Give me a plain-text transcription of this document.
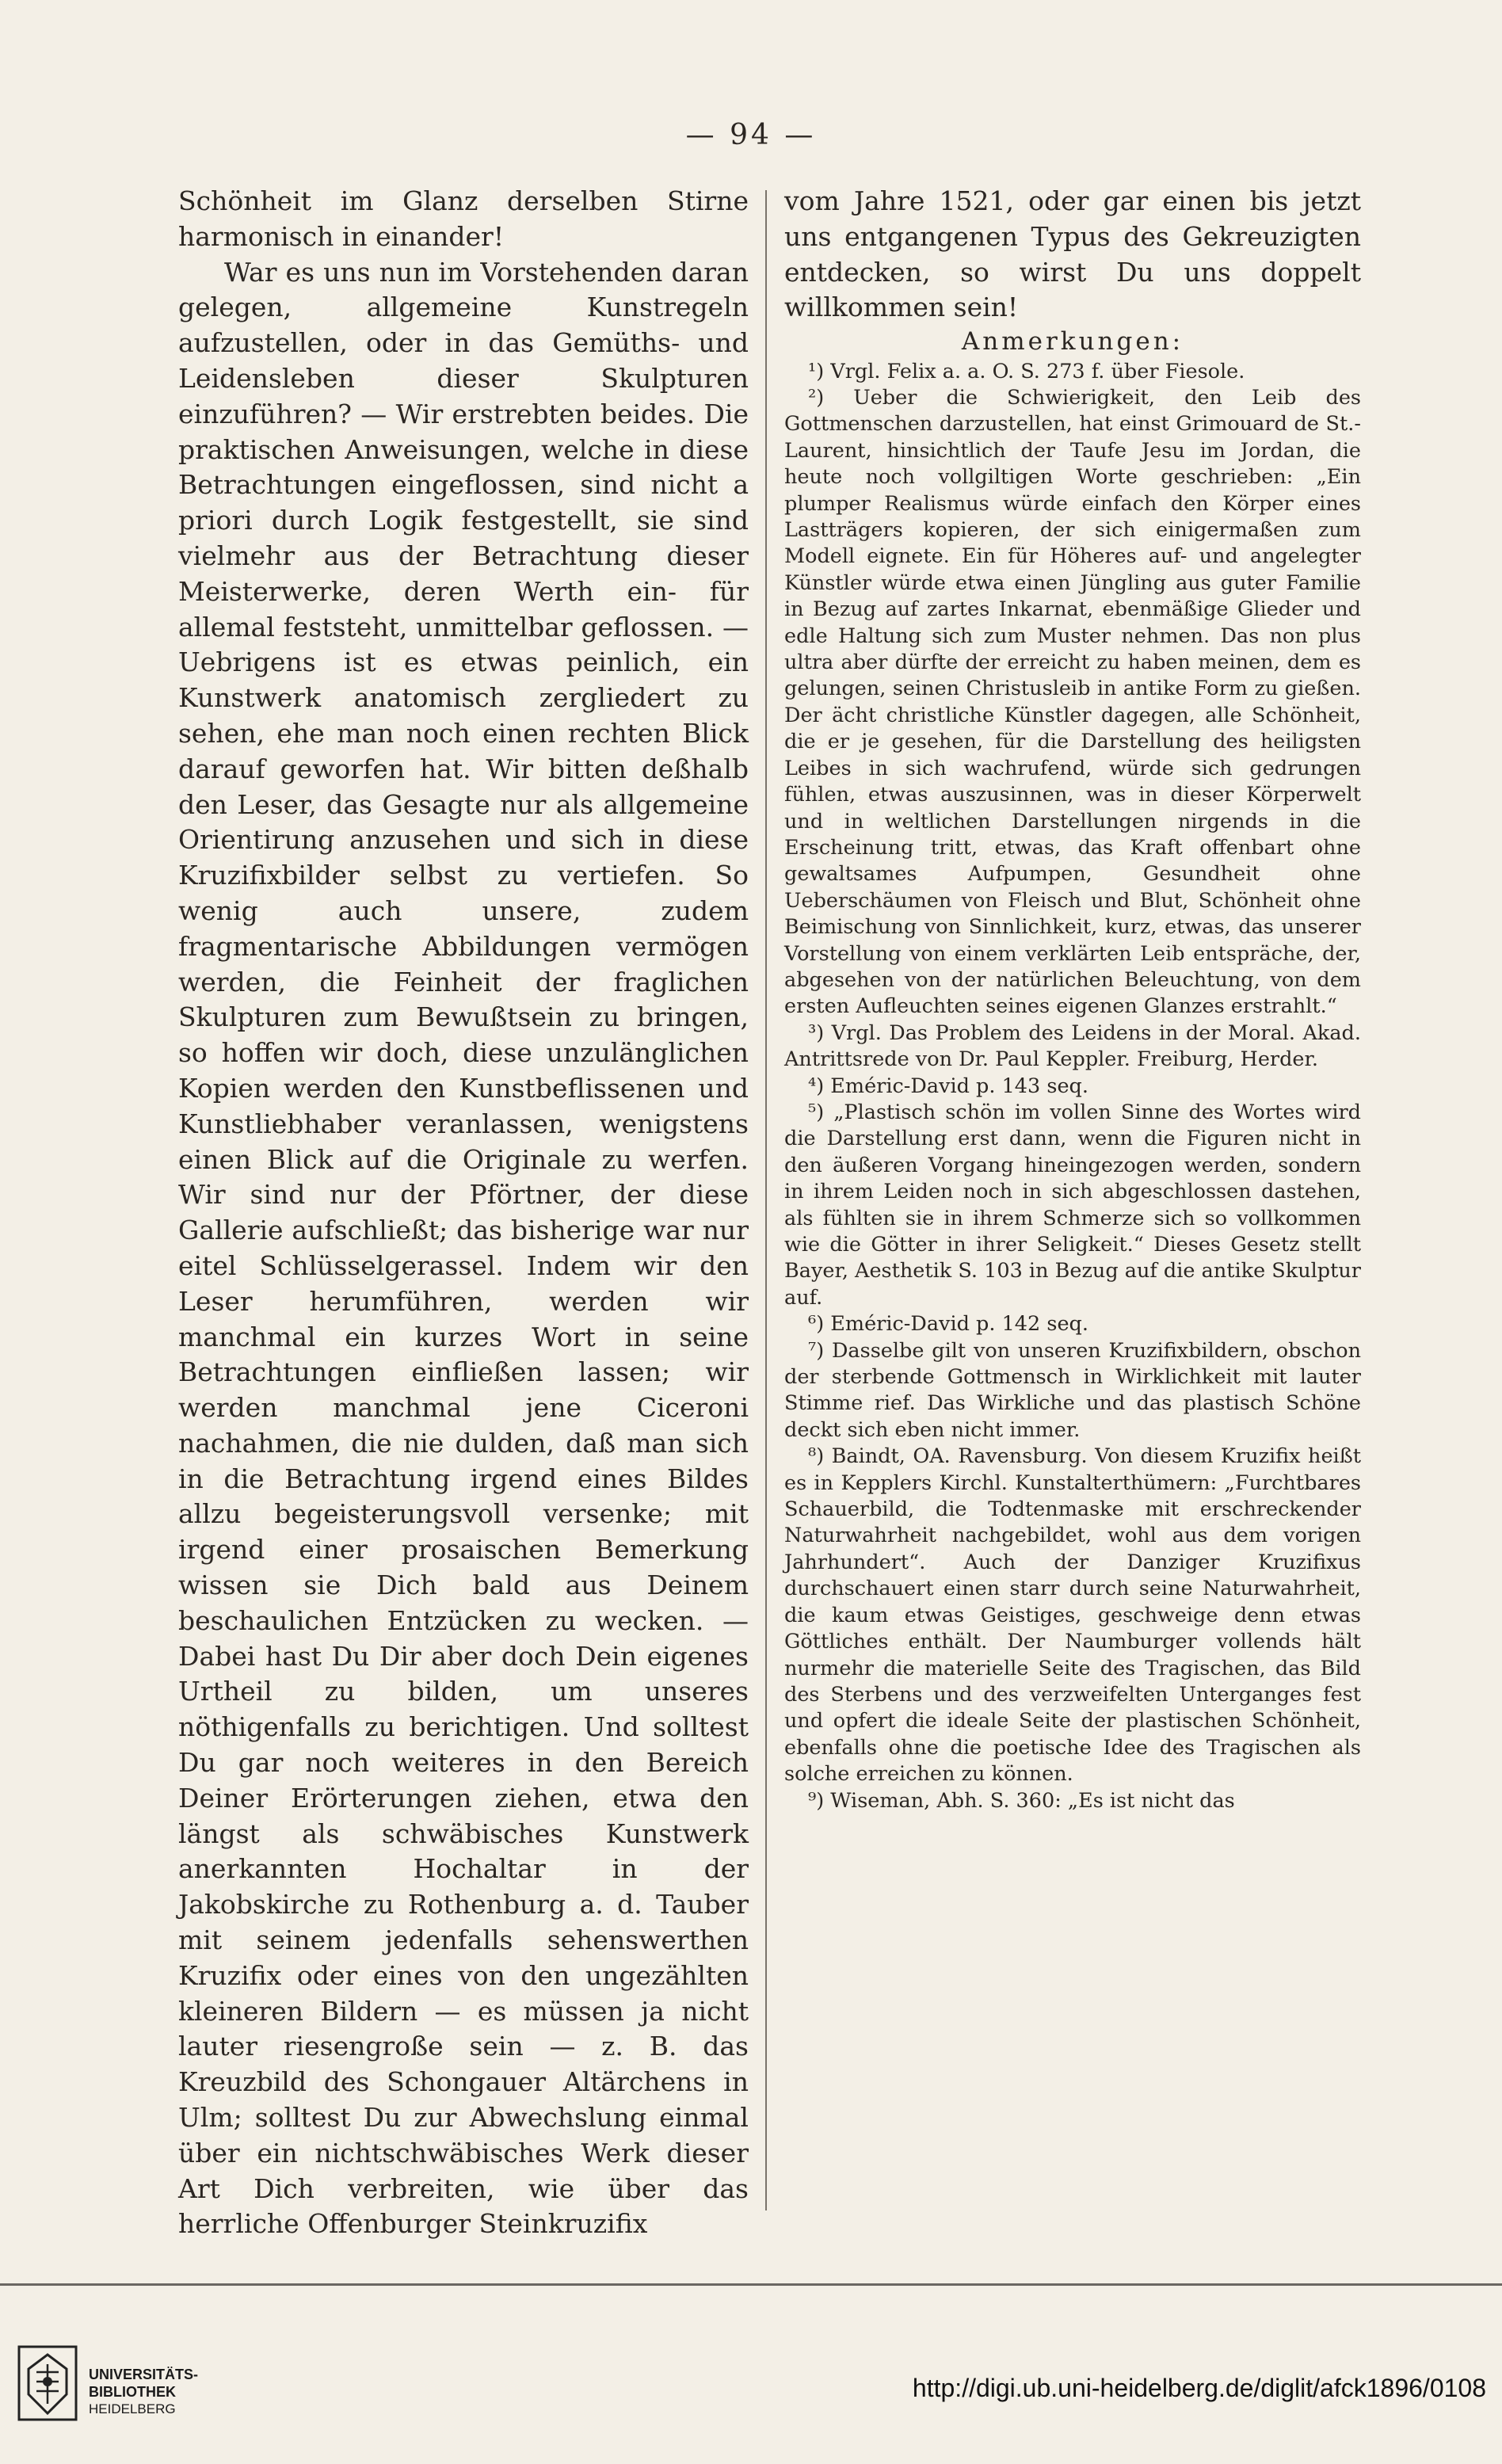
— 94 —

Schönheit im Glanz derselben Stirne harmonisch in einander!

War es uns nun im Vorstehenden daran gelegen, allgemeine Kunstregeln aufzustellen, oder in das Gemüths- und Leidensleben dieser Skulpturen einzuführen? — Wir erstrebten beides. Die praktischen Anweisungen, welche in diese Betrachtungen eingeflossen, sind nicht a priori durch Logik festgestellt, sie sind vielmehr aus der Betrachtung dieser Meisterwerke, deren Werth ein- für allemal feststeht, unmittelbar geflossen. — Uebrigens ist es etwas peinlich, ein Kunstwerk anatomisch zergliedert zu sehen, ehe man noch einen rechten Blick darauf geworfen hat. Wir bitten deßhalb den Leser, das Gesagte nur als allgemeine Orientirung anzusehen und sich in diese Kruzifixbilder selbst zu vertiefen. So wenig auch unsere, zudem fragmentarische Abbildungen vermögen werden, die Feinheit der fraglichen Skulpturen zum Bewußtsein zu bringen, so hoffen wir doch, diese unzulänglichen Kopien werden den Kunstbeflissenen und Kunstliebhaber veranlassen, wenigstens einen Blick auf die Originale zu werfen. Wir sind nur der Pförtner, der diese Gallerie aufschließt; das bisherige war nur eitel Schlüsselgerassel. Indem wir den Leser herumführen, werden wir manchmal ein kurzes Wort in seine Betrachtungen einfließen lassen; wir werden manchmal jene Ciceroni nachahmen, die nie dulden, daß man sich in die Betrachtung irgend eines Bildes allzu begeisterungsvoll versenke; mit irgend einer prosaischen Bemerkung wissen sie Dich bald aus Deinem beschaulichen Entzücken zu wecken. — Dabei hast Du Dir aber doch Dein eigenes Urtheil zu bilden, um unseres nöthigenfalls zu berichtigen. Und solltest Du gar noch weiteres in den Bereich Deiner Erörterungen ziehen, etwa den längst als schwäbisches Kunstwerk anerkannten Hochaltar in der Jakobskirche zu Rothenburg a. d. Tauber mit seinem jedenfalls sehenswerthen Kruzifix oder eines von den ungezählten kleineren Bildern — es müssen ja nicht lauter riesengroße sein — z. B. das Kreuzbild des Schongauer Altärchens in Ulm; solltest Du zur Abwechslung einmal über ein nichtschwäbisches Werk dieser Art Dich verbreiten, wie über das herrliche Offenburger Steinkruzifix

vom Jahre 1521, oder gar einen bis jetzt uns entgangenen Typus des Gekreuzigten entdecken, so wirst Du uns doppelt willkommen sein!

Anmerkungen:

¹) Vrgl. Felix a. a. O. S. 273 f. über Fiesole.

²) Ueber die Schwierigkeit, den Leib des Gottmenschen darzustellen, hat einst Grimouard de St.-Laurent, hinsichtlich der Taufe Jesu im Jordan, die heute noch vollgiltigen Worte geschrieben: „Ein plumper Realismus würde einfach den Körper eines Lastträgers kopieren, der sich einigermaßen zum Modell eignete. Ein für Höheres auf- und angelegter Künstler würde etwa einen Jüngling aus guter Familie in Bezug auf zartes Inkarnat, ebenmäßige Glieder und edle Haltung sich zum Muster nehmen. Das non plus ultra aber dürfte der erreicht zu haben meinen, dem es gelungen, seinen Christusleib in antike Form zu gießen. Der ächt christliche Künstler dagegen, alle Schönheit, die er je gesehen, für die Darstellung des heiligsten Leibes in sich wachrufend, würde sich gedrungen fühlen, etwas auszusinnen, was in dieser Körperwelt und in weltlichen Darstellungen nirgends in die Erscheinung tritt, etwas, das Kraft offenbart ohne gewaltsames Aufpumpen, Gesundheit ohne Ueberschäumen von Fleisch und Blut, Schönheit ohne Beimischung von Sinnlichkeit, kurz, etwas, das unserer Vorstellung von einem verklärten Leib entspräche, der, abgesehen von der natürlichen Beleuchtung, von dem ersten Aufleuchten seines eigenen Glanzes erstrahlt.“

³) Vrgl. Das Problem des Leidens in der Moral. Akad. Antrittsrede von Dr. Paul Keppler. Freiburg, Herder.

⁴) Eméric-David p. 143 seq.

⁵) „Plastisch schön im vollen Sinne des Wortes wird die Darstellung erst dann, wenn die Figuren nicht in den äußeren Vorgang hineingezogen werden, sondern in ihrem Leiden noch in sich abgeschlossen dastehen, als fühlten sie in ihrem Schmerze sich so vollkommen wie die Götter in ihrer Seligkeit.“ Dieses Gesetz stellt Bayer, Aesthetik S. 103 in Bezug auf die antike Skulptur auf.

⁶) Eméric-David p. 142 seq.

⁷) Dasselbe gilt von unseren Kruzifixbildern, obschon der sterbende Gottmensch in Wirklichkeit mit lauter Stimme rief. Das Wirkliche und das plastisch Schöne deckt sich eben nicht immer.

⁸) Baindt, OA. Ravensburg. Von diesem Kruzifix heißt es in Kepplers Kirchl. Kunstalterthümern: „Furchtbares Schauerbild, die Todtenmaske mit erschreckender Naturwahrheit nachgebildet, wohl aus dem vorigen Jahrhundert“. Auch der Danziger Kruzifixus durchschauert einen starr durch seine Naturwahrheit, die kaum etwas Geistiges, geschweige denn etwas Göttliches enthält. Der Naumburger vollends hält nurmehr die materielle Seite des Tragischen, das Bild des Sterbens und des verzweifelten Unterganges fest und opfert die ideale Seite der plastischen Schönheit, ebenfalls ohne die poetische Idee des Tragischen als solche erreichen zu können.

⁹) Wiseman, Abh. S. 360: „Es ist nicht das

UNIVERSITÄTS-
BIBLIOTHEK
HEIDELBERG
http://digi.ub.uni-heidelberg.de/diglit/afck1896/0108
